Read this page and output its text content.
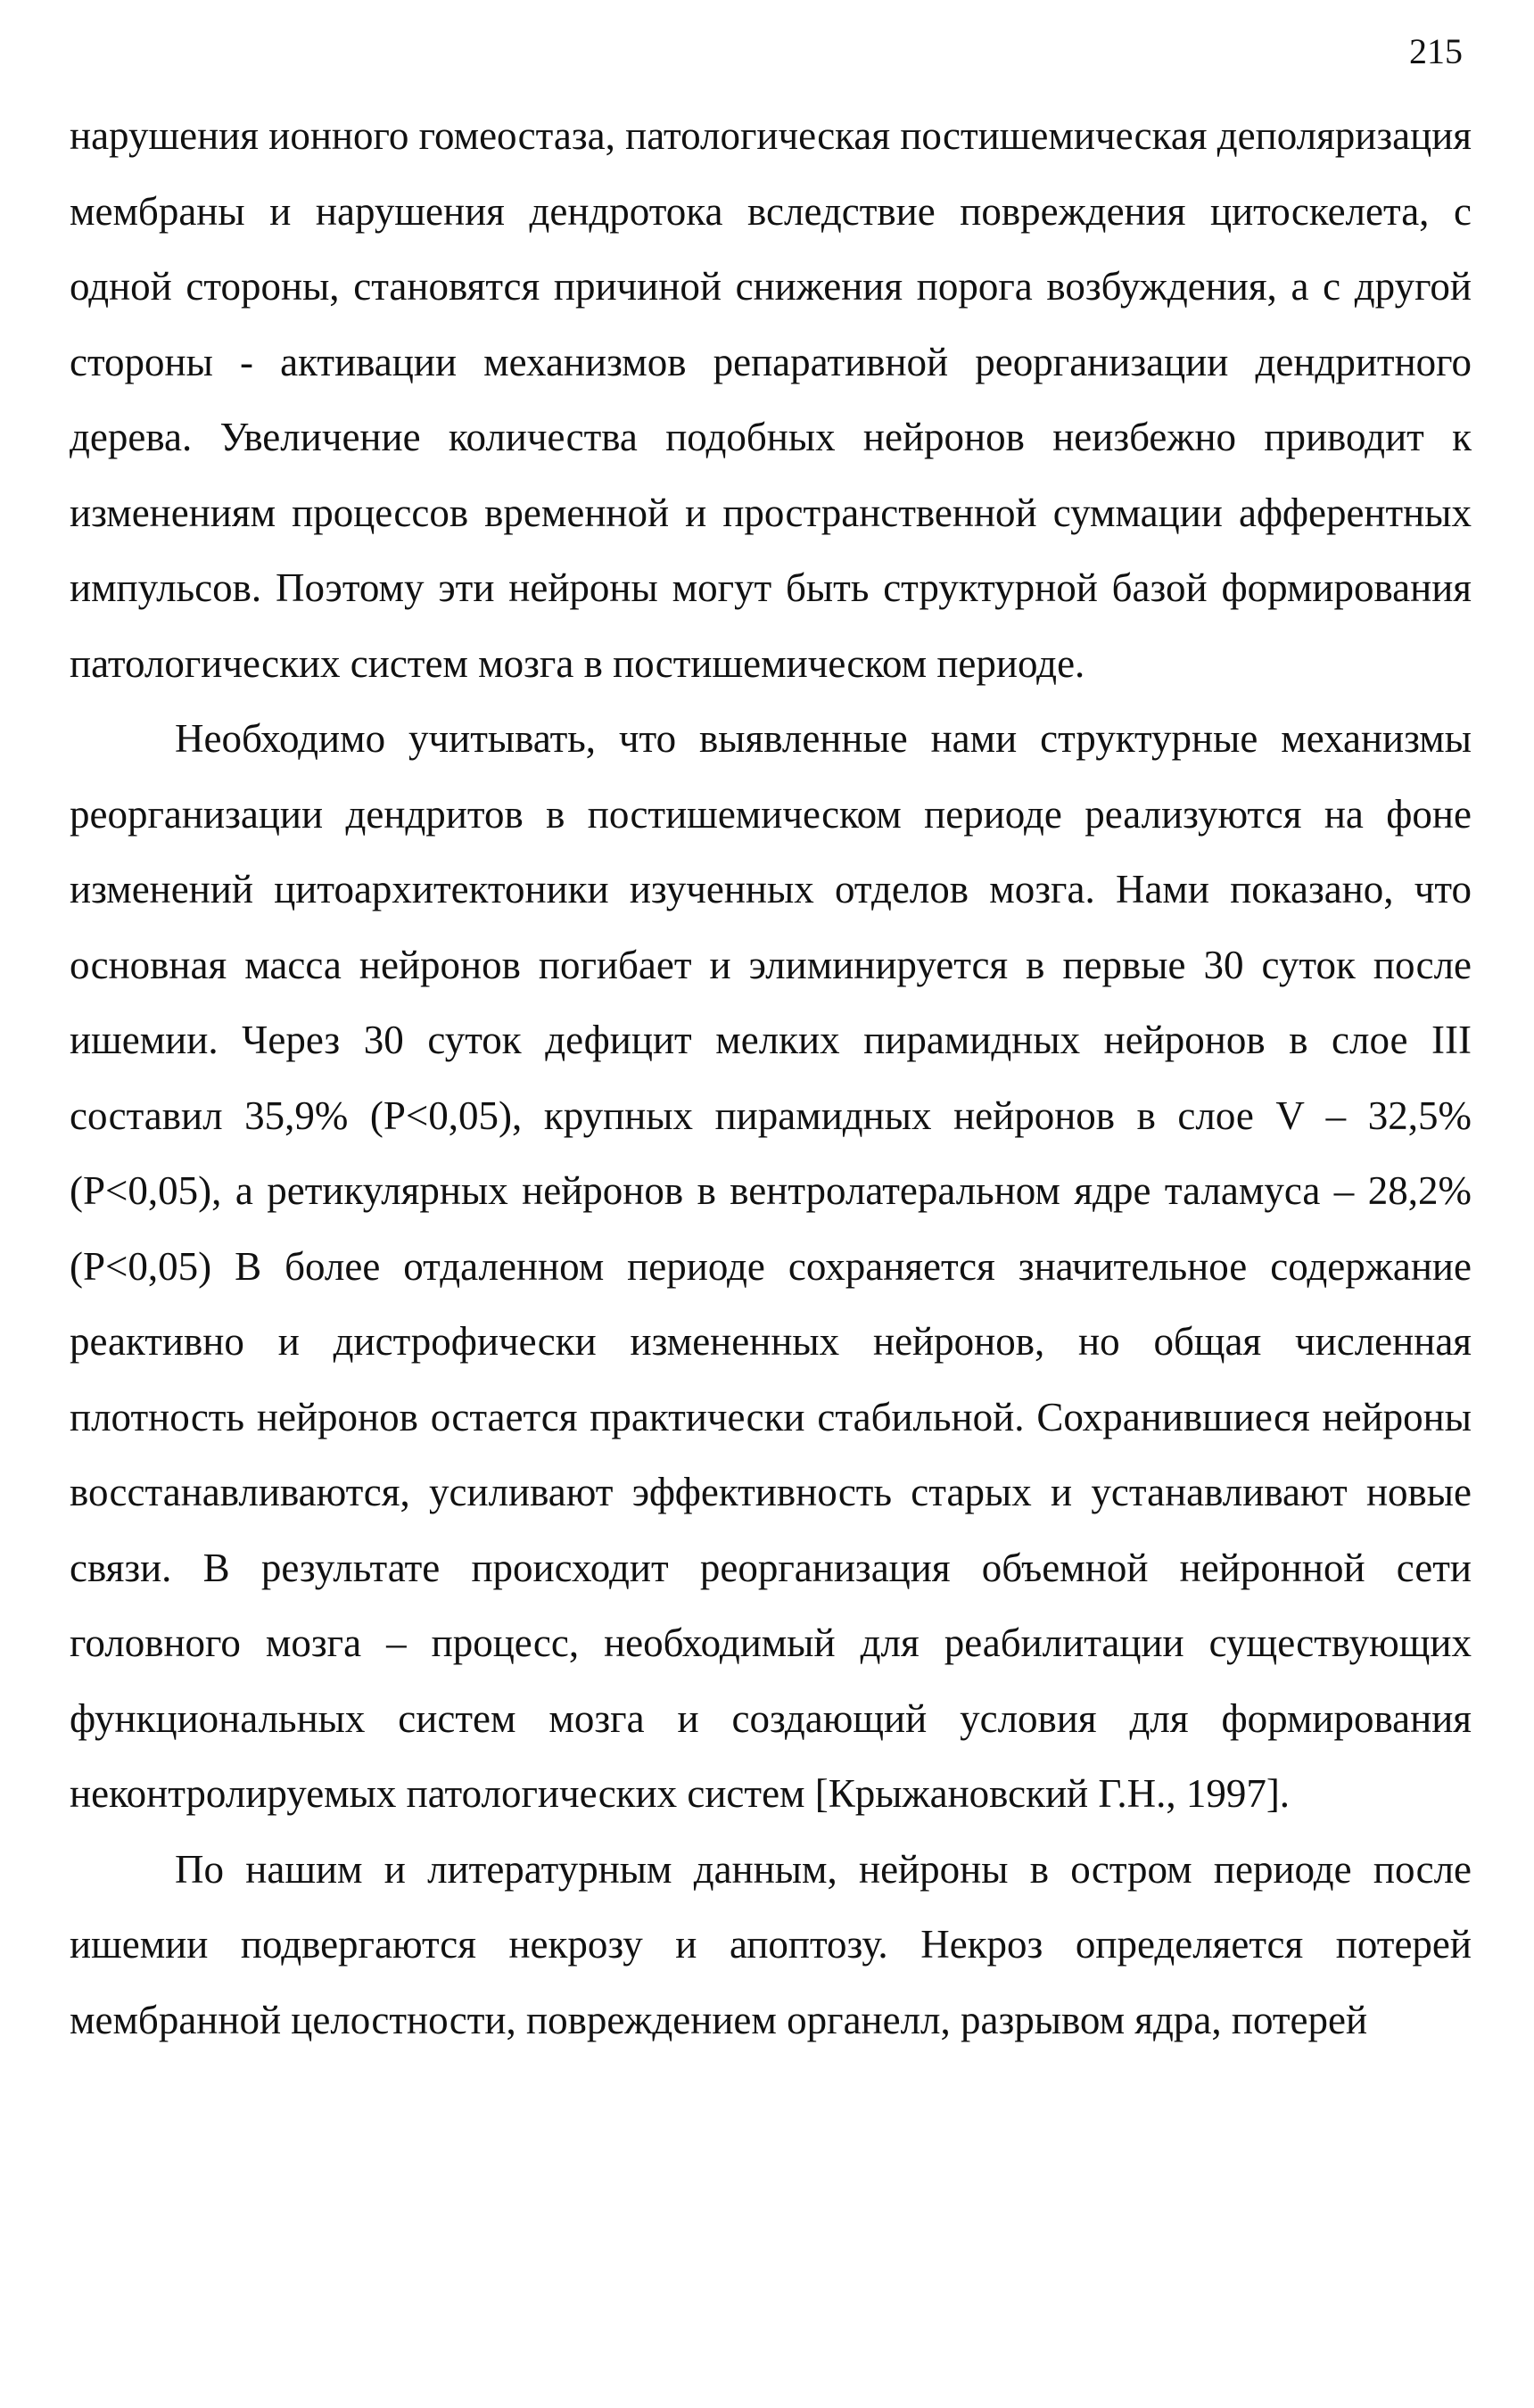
215

нарушения ионного гомеостаза, патологическая постишемическая деполяризация мембраны и нарушения дендротока вследствие повреждения цитоскелета, с одной стороны, становятся причиной снижения порога возбуждения, а с другой стороны - активации механизмов репаративной реорганизации дендритного дерева. Увеличение количества подобных нейронов неизбежно приводит к изменениям процессов временной и пространственной суммации афферентных импульсов. Поэтому эти нейроны могут быть структурной базой формирования патологических систем мозга в постишемическом периоде.

Необходимо учитывать, что выявленные нами структурные механизмы реорганизации дендритов в постишемическом периоде реализуются на фоне изменений цитоархитектоники изученных отделов мозга. Нами показано, что основная масса нейронов погибает и элиминируется в первые 30 суток после ишемии. Через 30 суток дефицит мелких пирамидных нейронов в слое III составил 35,9% (P<0,05), крупных пирамидных нейронов в слое V – 32,5% (P<0,05), а ретикулярных нейронов в вентролатеральном ядре таламуса – 28,2% (P<0,05) В более отдаленном периоде сохраняется значительное содержание реактивно и дистрофически измененных нейронов, но общая численная плотность нейронов остается практически стабильной. Сохранившиеся нейроны восстанавливаются, усиливают эффективность старых и устанавливают новые связи. В результате происходит реорганизация объемной нейронной сети головного мозга – процесс, необходимый для реабилитации существующих функциональных систем мозга и создающий условия для формирования неконтролируемых патологических систем [Крыжановский Г.Н., 1997].

По нашим и литературным данным, нейроны в остром периоде после ишемии подвергаются некрозу и апоптозу. Некроз определяется потерей мембранной целостности, повреждением органелл, разрывом ядра, потерей
